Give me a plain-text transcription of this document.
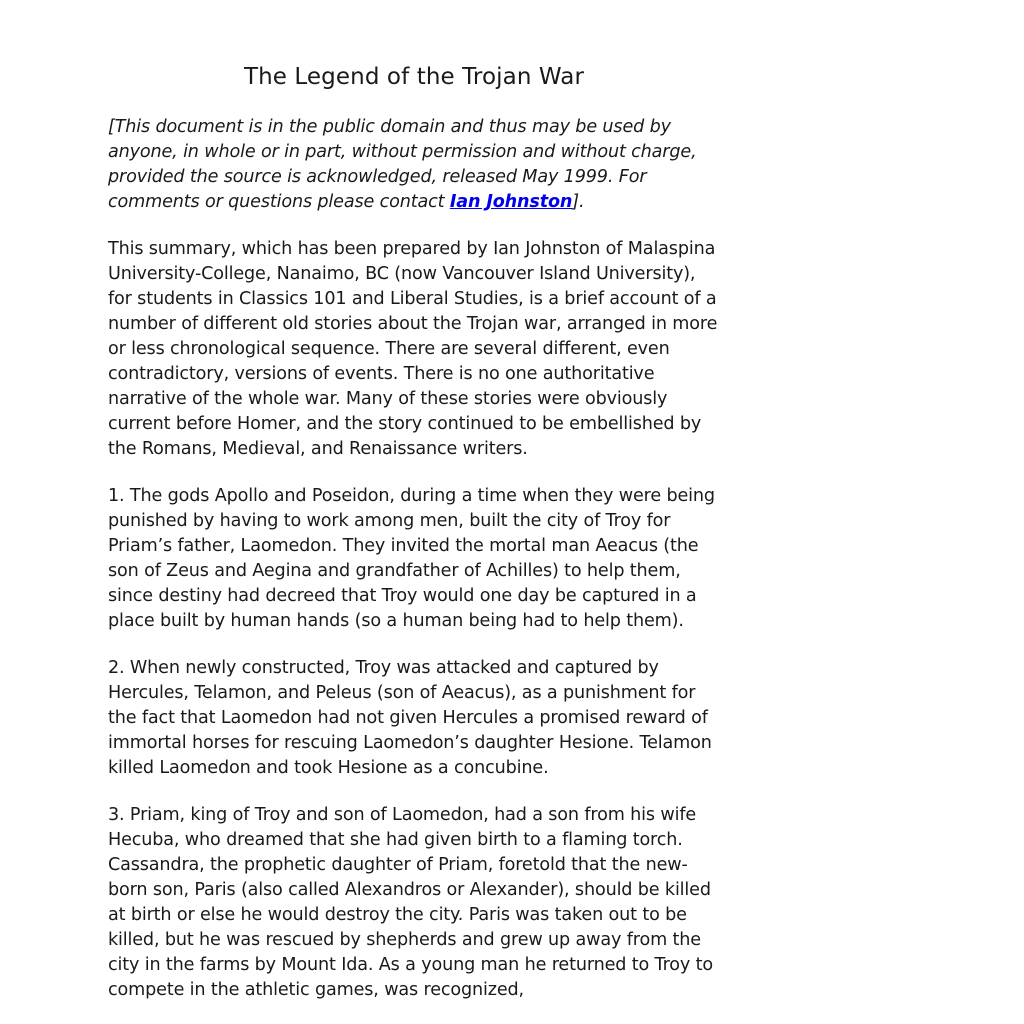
The Legend of the Trojan War

[This document is in the public domain and thus may be used by anyone, in whole or in part, without permission and without charge, provided the source is acknowledged, released May 1999. For comments or questions please contact Ian Johnston].

This summary, which has been prepared by Ian Johnston of Malaspina University-College, Nanaimo, BC (now Vancouver Island University), for students in Classics 101 and Liberal Studies, is a brief account of a number of different old stories about the Trojan war, arranged in more or less chronological sequence. There are several different, even contradictory, versions of events. There is no one authoritative narrative of the whole war. Many of these stories were obviously current before Homer, and the story continued to be embellished by the Romans, Medieval, and Renaissance writers.

1. The gods Apollo and Poseidon, during a time when they were being punished by having to work among men, built the city of Troy for Priam’s father, Laomedon. They invited the mortal man Aeacus (the son of Zeus and Aegina and grandfather of Achilles) to help them, since destiny had decreed that Troy would one day be captured in a place built by human hands (so a human being had to help them).

2. When newly constructed, Troy was attacked and captured by Hercules, Telamon, and Peleus (son of Aeacus), as a punishment for the fact that Laomedon had not given Hercules a promised reward of immortal horses for rescuing Laomedon’s daughter Hesione. Telamon killed Laomedon and took Hesione as a concubine.

3. Priam, king of Troy and son of Laomedon, had a son from his wife Hecuba, who dreamed that she had given birth to a flaming torch. Cassandra, the prophetic daughter of Priam, foretold that the new-born son, Paris (also called Alexandros or Alexander), should be killed at birth or else he would destroy the city. Paris was taken out to be killed, but he was rescued by shepherds and grew up away from the city in the farms by Mount Ida. As a young man he returned to Troy to compete in the athletic games, was recognized,
